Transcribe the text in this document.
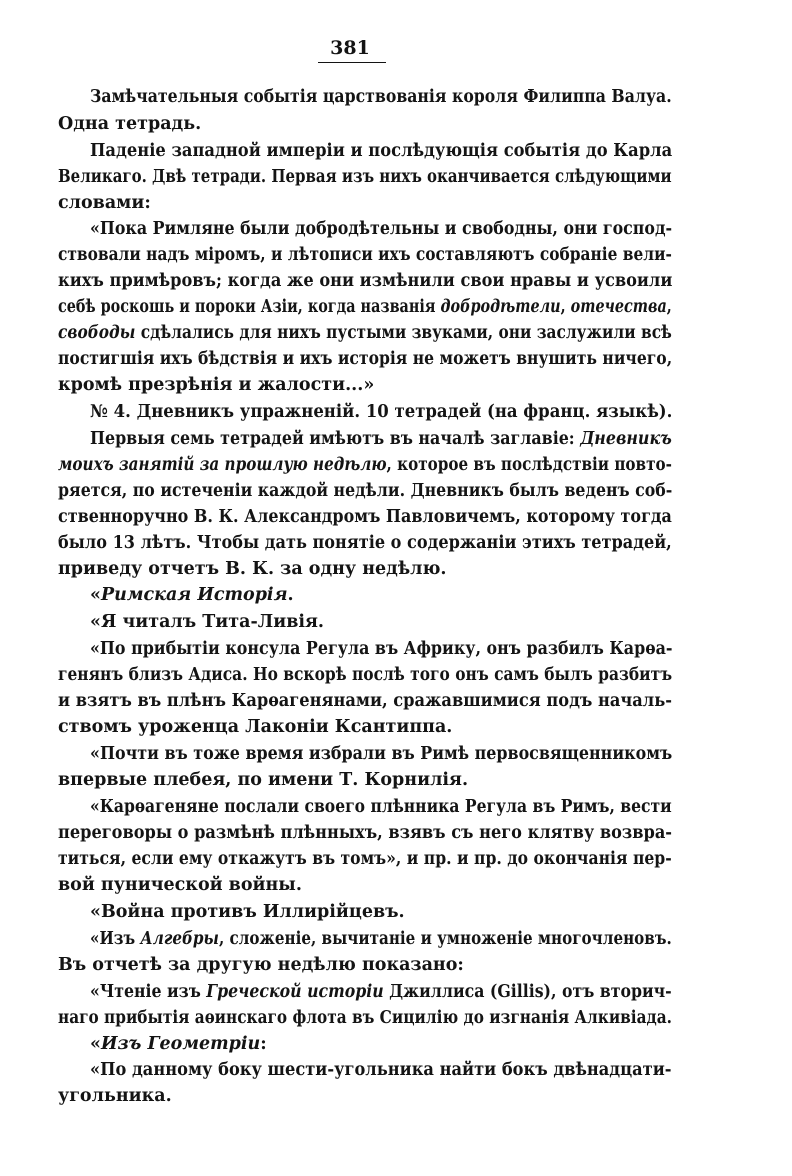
381
Замѣчательныя событія царствованія короля Филиппа Валуа.
Одна тетрадь.
Паденіе западной имперіи и послѣдующія событія до Карла
Великаго. Двѣ тетради. Первая изъ нихъ оканчивается слѣдующими
словами:
«Пока Римляне были добродѣтельны и свободны, они господ-
ствовали надъ міромъ, и лѣтописи ихъ составляютъ собраніе вели-
кихъ примѣровъ; когда же они измѣнили свои нравы и усвоили
себѣ роскошь и пороки Азіи, когда названія добродѣтели, отечества,
свободы сдѣлались для нихъ пустыми звуками, они заслужили всѣ
постигшія ихъ бѣдствія и ихъ исторія не можетъ внушить ничего,
кромѣ презрѣнія и жалости...»
№ 4. Дневникъ упражненій. 10 тетрадей (на франц. языкѣ).
Первыя семь тетрадей имѣютъ въ началѣ заглавіе: Дневникъ
моихъ занятій за прошлую недѣлю, которое въ послѣдствіи повто-
ряется, по истеченіи каждой недѣли. Дневникъ былъ веденъ соб-
ственноручно В. К. Александромъ Павловичемъ, которому тогда
было 13 лѣтъ. Чтобы дать понятіе о содержаніи этихъ тетрадей,
приведу отчетъ В. К. за одну недѣлю.
«Римская Исторія.
«Я читалъ Тита-Ливія.
«По прибытіи консула Регула въ Африку, онъ разбилъ Карѳа-
генянъ близъ Адиса. Но вскорѣ послѣ того онъ самъ былъ разбитъ
и взятъ въ плѣнъ Карѳагенянами, сражавшимися подъ началь-
ствомъ уроженца Лаконіи Ксантиппа.
«Почти въ тоже время избрали въ Римѣ первосвященникомъ
впервые плебея, по имени Т. Корнилія.
«Карѳагеняне послали своего плѣнника Регула въ Римъ, вести
переговоры о размѣнѣ плѣнныхъ, взявъ съ него клятву возвра-
титься, если ему откажутъ въ томъ», и пр. и пр. до окончанія пер-
вой пунической войны.
«Война противъ Иллирійцевъ.
«Изъ Алгебры, сложеніе, вычитаніе и умноженіе многочленовъ.
Въ отчетѣ за другую недѣлю показано:
«Чтеніе изъ Греческой исторіи Джиллиса (Gillis), отъ вторич-
наго прибытія аѳинскаго флота въ Сицилію до изгнанія Алкивіада.
«Изъ Геометріи:
«По данному боку шести-угольника найти бокъ двѣнадцати-
угольника.
